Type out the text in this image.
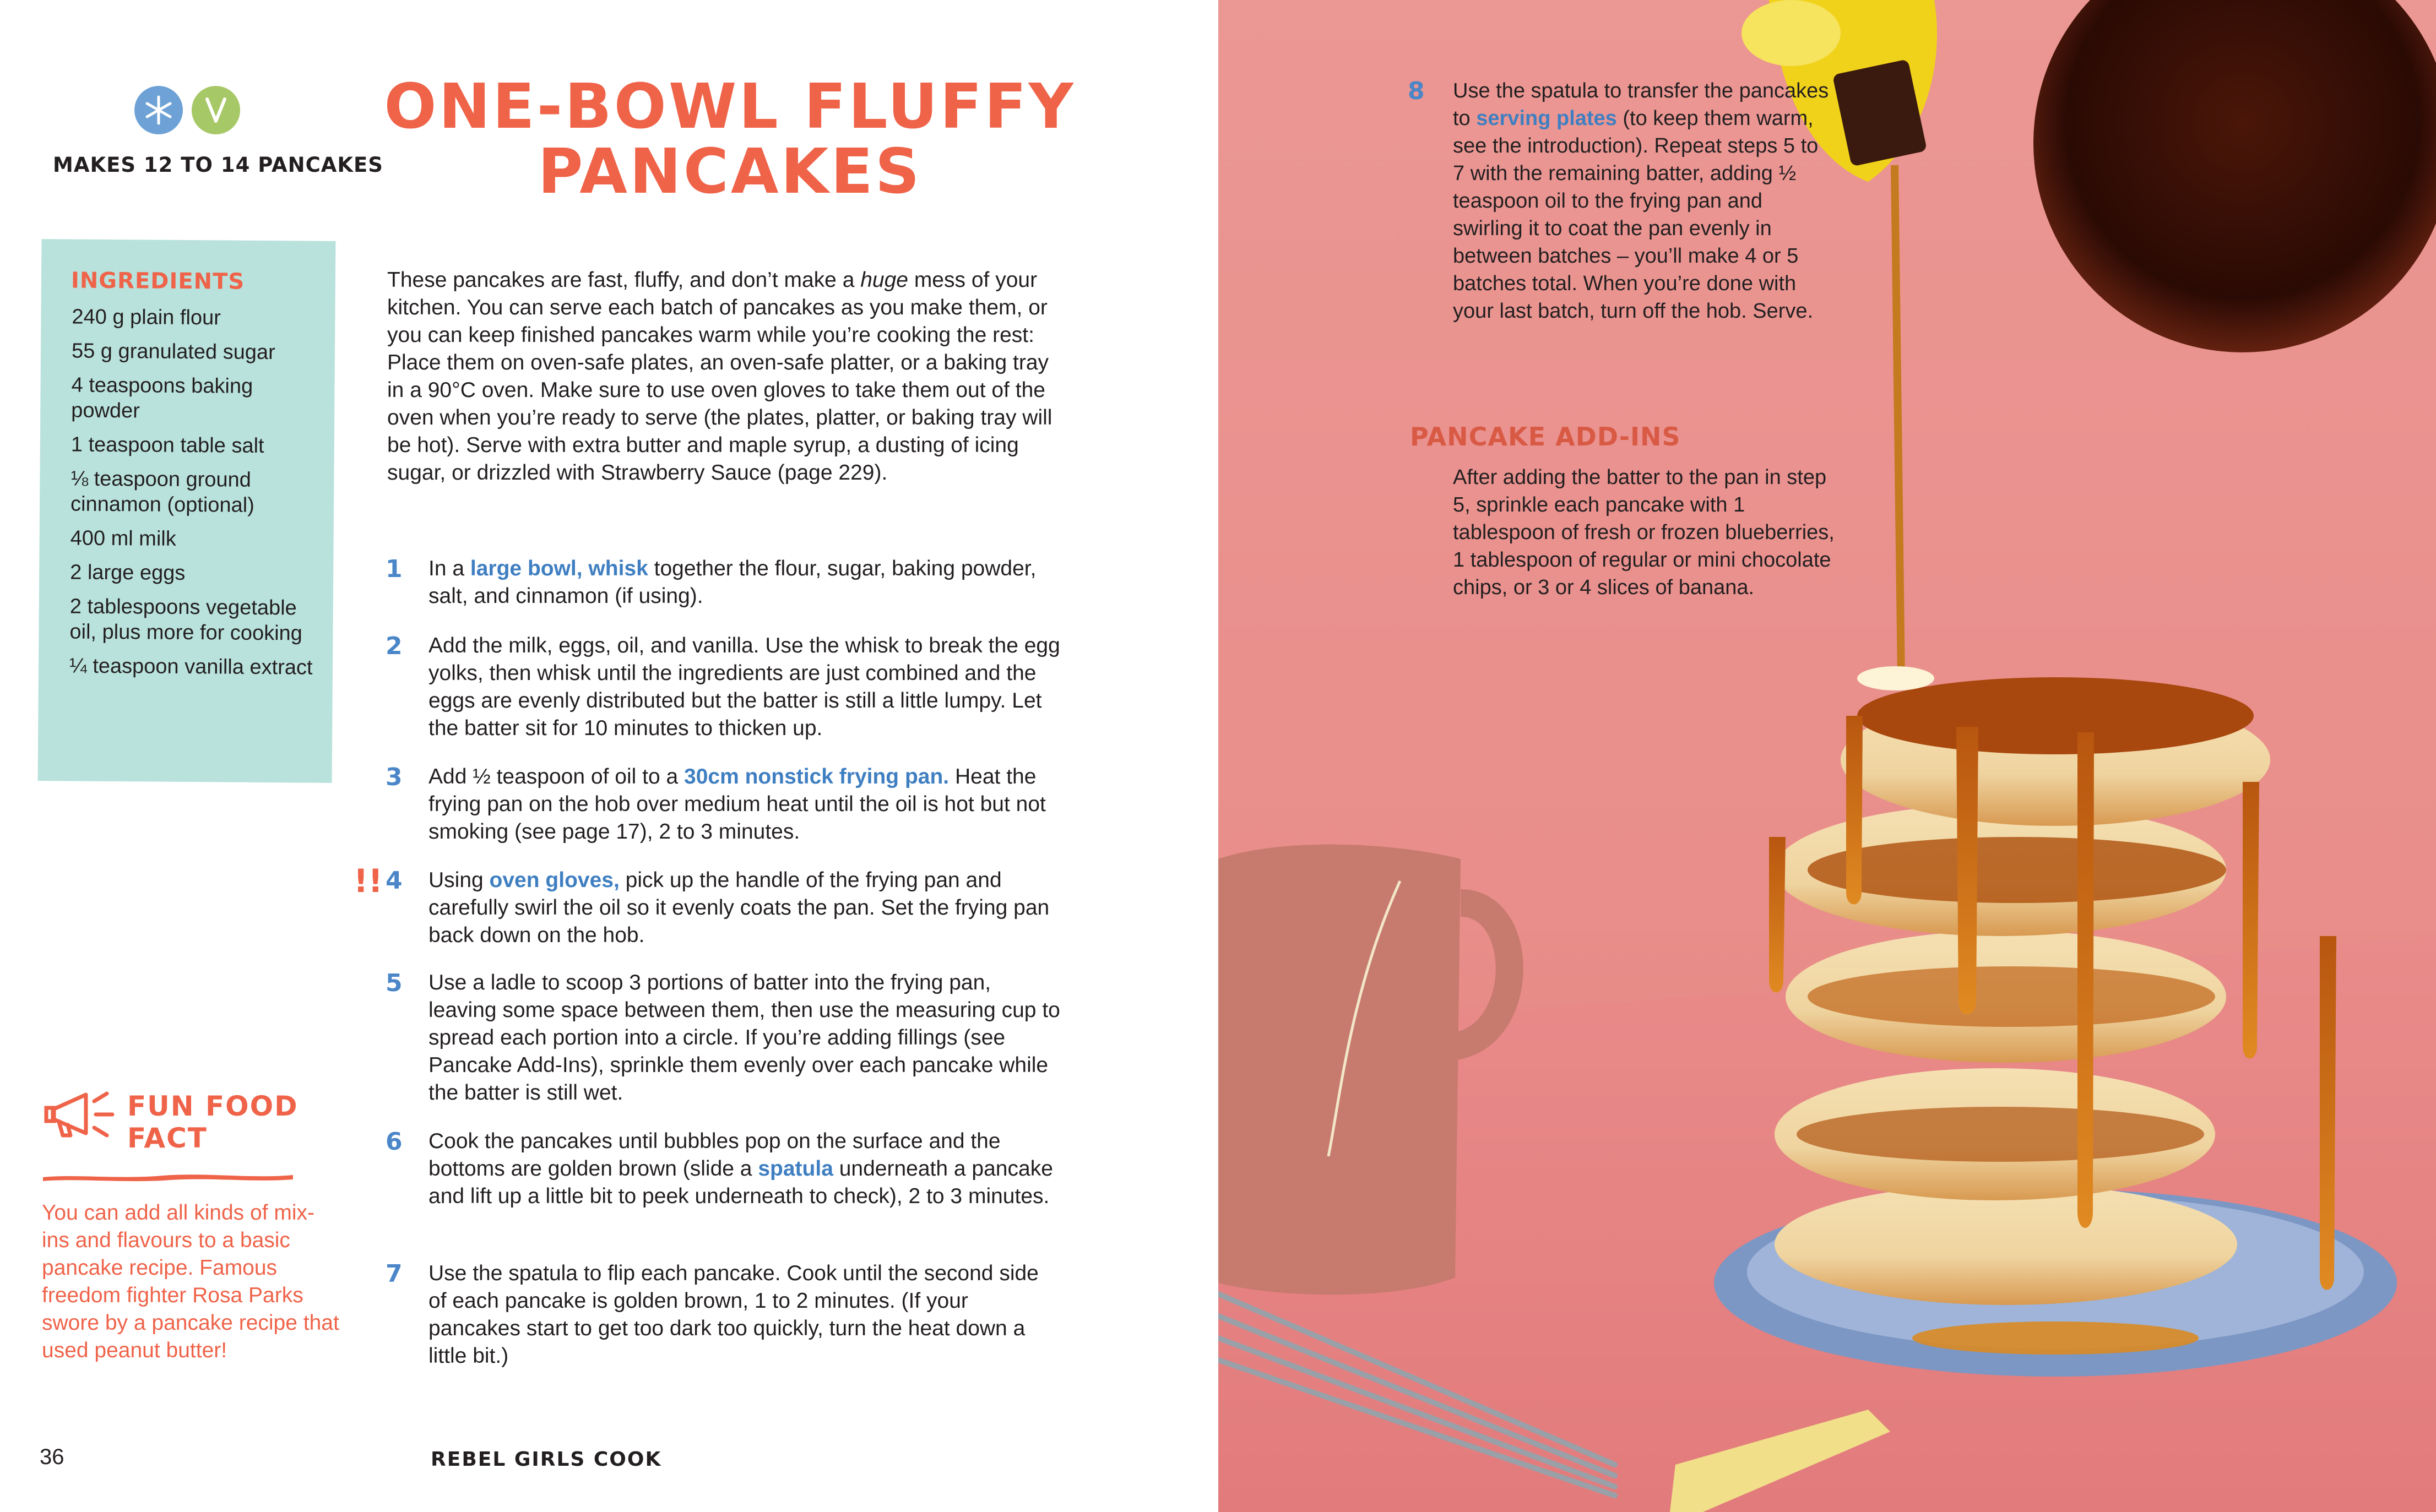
MAKES 12 TO 14 PANCAKES
ONE-BOWL FLUFFY
PANCAKES
INGREDIENTS
240 g plain flour
55 g granulated sugar
4 teaspoons baking powder
1 teaspoon table salt
⅛ teaspoon ground cinnamon (optional)
400 ml milk
2 large eggs
2 tablespoons vegetable oil, plus more for cooking
¼ teaspoon vanilla extract

These pancakes are fast, fluffy, and don’t make a huge mess of your kitchen. You can serve each batch of pancakes as you make them, or you can keep finished pancakes warm while you’re cooking the rest: Place them on oven-safe plates, an oven-safe platter, or a baking tray in a 90°C oven. Make sure to use oven gloves to take them out of the oven when you’re ready to serve (the plates, platter, or baking tray will be hot). Serve with extra butter and maple syrup, a dusting of icing sugar, or drizzled with Strawberry Sauce (page 229).

1	In a large bowl, whisk together the flour, sugar, baking powder, salt, and cinnamon (if using).

2	Add the milk, eggs, oil, and vanilla. Use the whisk to break the egg yolks, then whisk until the ingredients are just combined and the eggs are evenly distributed but the batter is still a little lumpy. Let the batter sit for 10 minutes to thicken up.

3	Add ½ teaspoon of oil to a 30cm nonstick frying pan. Heat the frying pan on the hob over medium heat until the oil is hot but not smoking (see page 17), 2 to 3 minutes.

!! 4	Using oven gloves, pick up the handle of the frying pan and carefully swirl the oil so it evenly coats the pan. Set the frying pan back down on the hob.

5	Use a ladle to scoop 3 portions of batter into the frying pan, leaving some space between them, then use the measuring cup to spread each portion into a circle. If you’re adding fillings (see Pancake Add-Ins), sprinkle them evenly over each pancake while the batter is still wet.

6	Cook the pancakes until bubbles pop on the surface and the bottoms are golden brown (slide a spatula underneath a pancake and lift up a little bit to peek underneath to check), 2 to 3 minutes.

7	Use the spatula to flip each pancake. Cook until the second side of each pancake is golden brown, 1 to 2 minutes. (If your pancakes start to get too dark too quickly, turn the heat down a little bit.)

FUN FOOD
FACT

You can add all kinds of mix-ins and flavours to a basic pancake recipe. Famous freedom fighter Rosa Parks swore by a pancake recipe that used peanut butter!

36	REBEL GIRLS COOK
8	Use the spatula to transfer the pancakes to serving plates (to keep them warm, see the introduction). Repeat steps 5 to 7 with the remaining batter, adding ½ teaspoon oil to the frying pan and swirling it to coat the pan evenly in between batches – you’ll make 4 or 5 batches total. When you’re done with your last batch, turn off the hob. Serve.

PANCAKE ADD-INS

After adding the batter to the pan in step 5, sprinkle each pancake with 1 tablespoon of fresh or frozen blueberries, 1 tablespoon of regular or mini chocolate chips, or 3 or 4 slices of banana.
